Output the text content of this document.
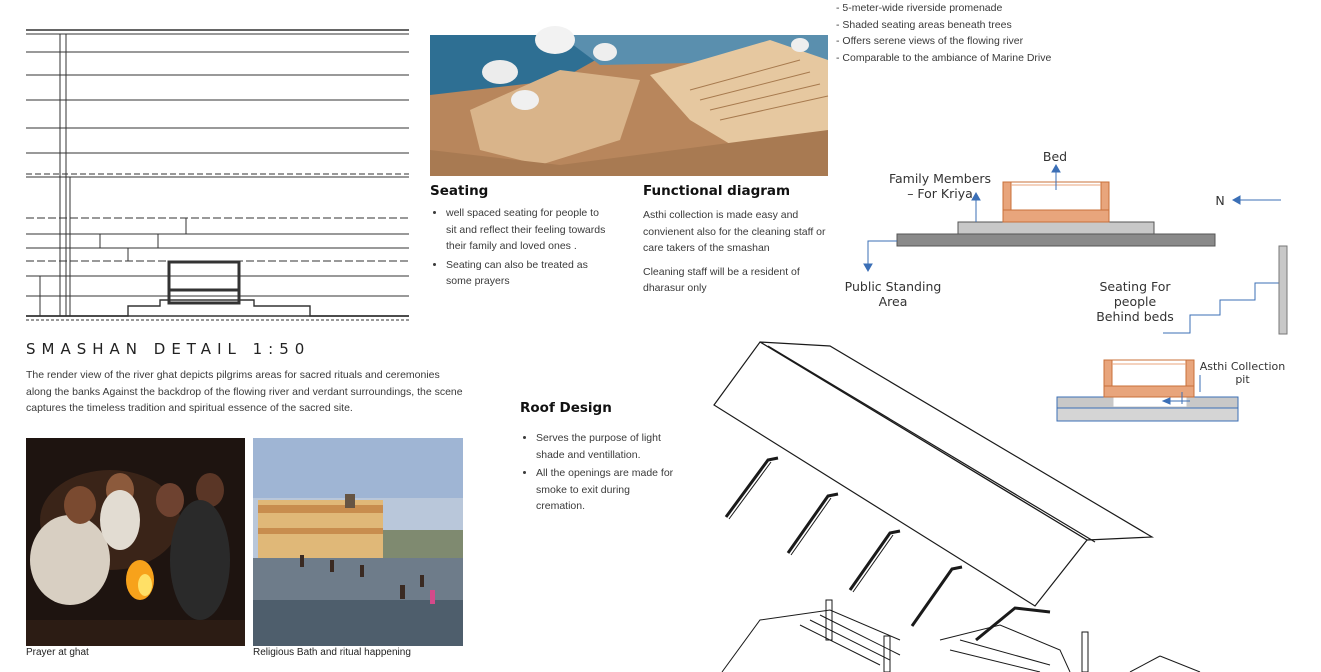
- 5-meter-wide riverside promenade
- Shaded seating areas beneath trees
- Offers serene views of the flowing river
- Comparable to the ambiance of Marine Drive
Seating
• well spaced seating for people to sit and reflect their feeling towards their family and loved ones .
• Seating can also be treated as some prayers
Functional diagram
Asthi collection is made easy and convienent also for the cleaning staff or care takers of the smashan
Cleaning staff will be a resident of dharasur only
Bed
Family Members
– For Kriya	N
Public Standing
Area
Seating For
people
Behind beds
Asthi Collection
pit
SMASHAN DETAIL 1:50
The render view of the river ghat depicts pilgrims areas for sacred rituals and ceremonies along the banks Against the backdrop of the flowing river and verdant surroundings, the scene captures the timeless tradition and spiritual essence of the sacred site.	Roof Design
• Serves the purpose of light shade and ventillation.
• All the openings are made for smoke to exit during cremation.
Prayer at ghat	Religious Bath and ritual happening
